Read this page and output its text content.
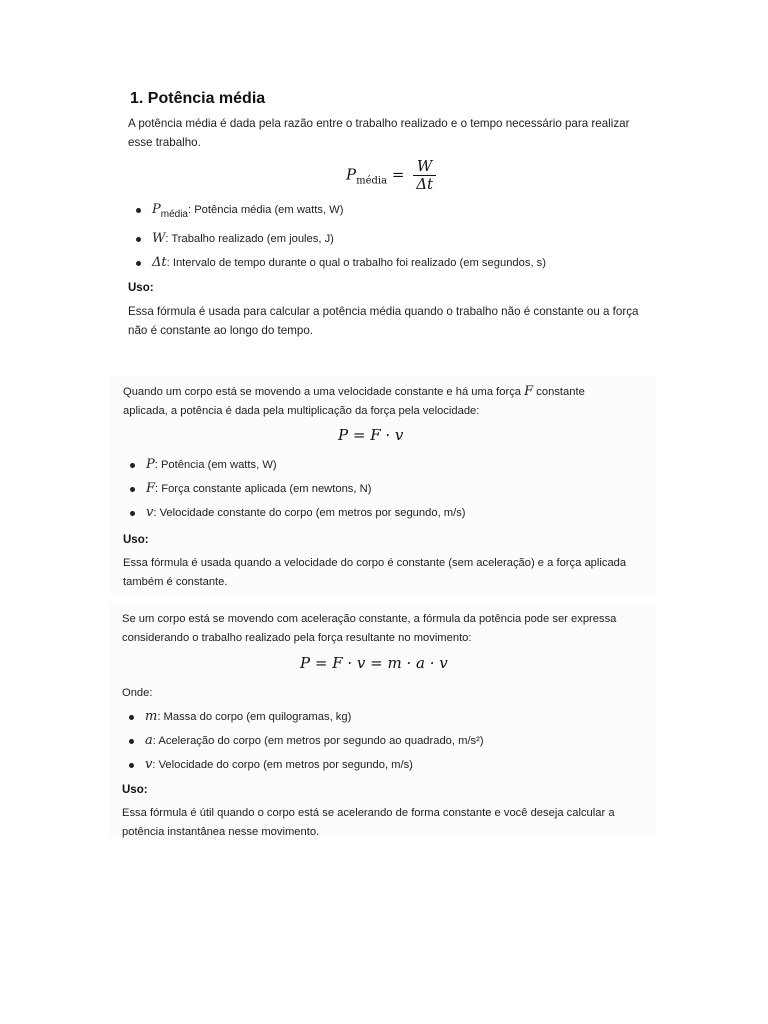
1. Potência média

A potência média é dada pela razão entre o trabalho realizado e o tempo necessário para realizar
esse trabalho.

$P_{média} = \frac{W}{\Delta t}$
Pmédia: Potência média (em watts, W)
W: Trabalho realizado (em joules, J)
Δt: Intervalo de tempo durante o qual o trabalho foi realizado (em segundos, s)
Uso:

Essa fórmula é usada para calcular a potência média quando o trabalho não é constante ou a força
não é constante ao longo do tempo.

Quando um corpo está se movendo a uma velocidade constante e há uma força F constante
aplicada, a potência é dada pela multiplicação da força pela velocidade:

P = F · v
P: Potência (em watts, W)
F: Força constante aplicada (em newtons, N)
v: Velocidade constante do corpo (em metros por segundo, m/s)
Uso:

Essa fórmula é usada quando a velocidade do corpo é constante (sem aceleração) e a força aplicada
também é constante.

Se um corpo está se movendo com aceleração constante, a fórmula da potência pode ser expressa
considerando o trabalho realizado pela força resultante no movimento:

P = F · v = m · a · v
Onde:
m: Massa do corpo (em quilogramas, kg)
a: Aceleração do corpo (em metros por segundo ao quadrado, m/s²)
v: Velocidade do corpo (em metros por segundo, m/s)
Uso:

Essa fórmula é útil quando o corpo está se acelerando de forma constante e você deseja calcular a
potência instantânea nesse movimento.
